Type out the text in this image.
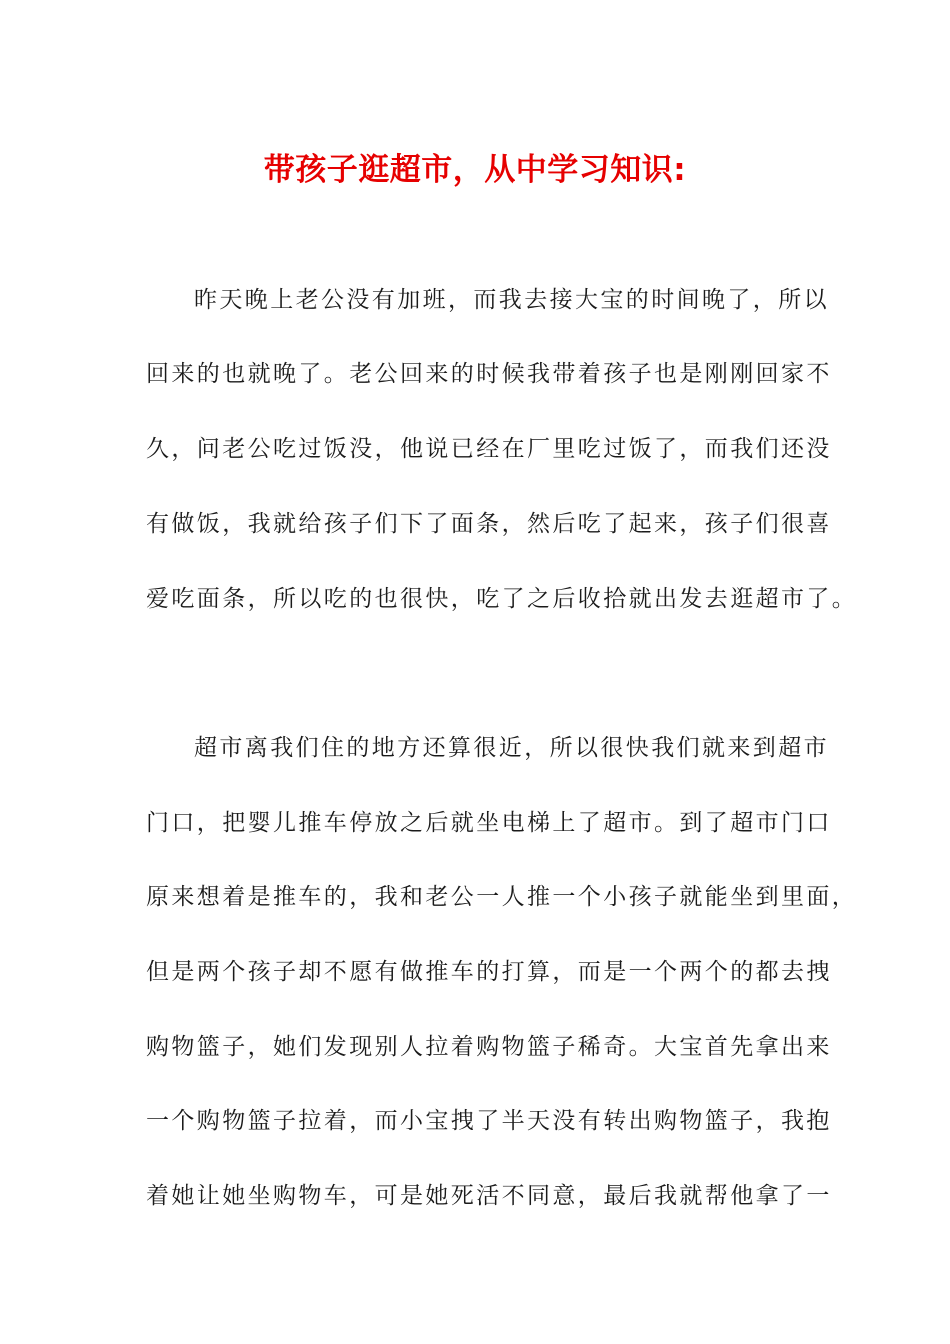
带孩子逛超市，从中学习知识:

昨天晚上老公没有加班，而我去接大宝的时间晚了，所以

回来的也就晚了。老公回来的时候我带着孩子也是刚刚回家不

久，问老公吃过饭没，他说已经在厂里吃过饭了，而我们还没

有做饭，我就给孩子们下了面条，然后吃了起来，孩子们很喜

爱吃面条，所以吃的也很快，吃了之后收拾就出发去逛超市了。

超市离我们住的地方还算很近，所以很快我们就来到超市

门口，把婴儿推车停放之后就坐电梯上了超市。到了超市门口

原来想着是推车的，我和老公一人推一个小孩子就能坐到里面，

但是两个孩子却不愿有做推车的打算，而是一个两个的都去拽

购物篮子，她们发现别人拉着购物篮子稀奇。大宝首先拿出来

一个购物篮子拉着，而小宝拽了半天没有转出购物篮子，我抱

着她让她坐购物车，可是她死活不同意，最后我就帮他拿了一
